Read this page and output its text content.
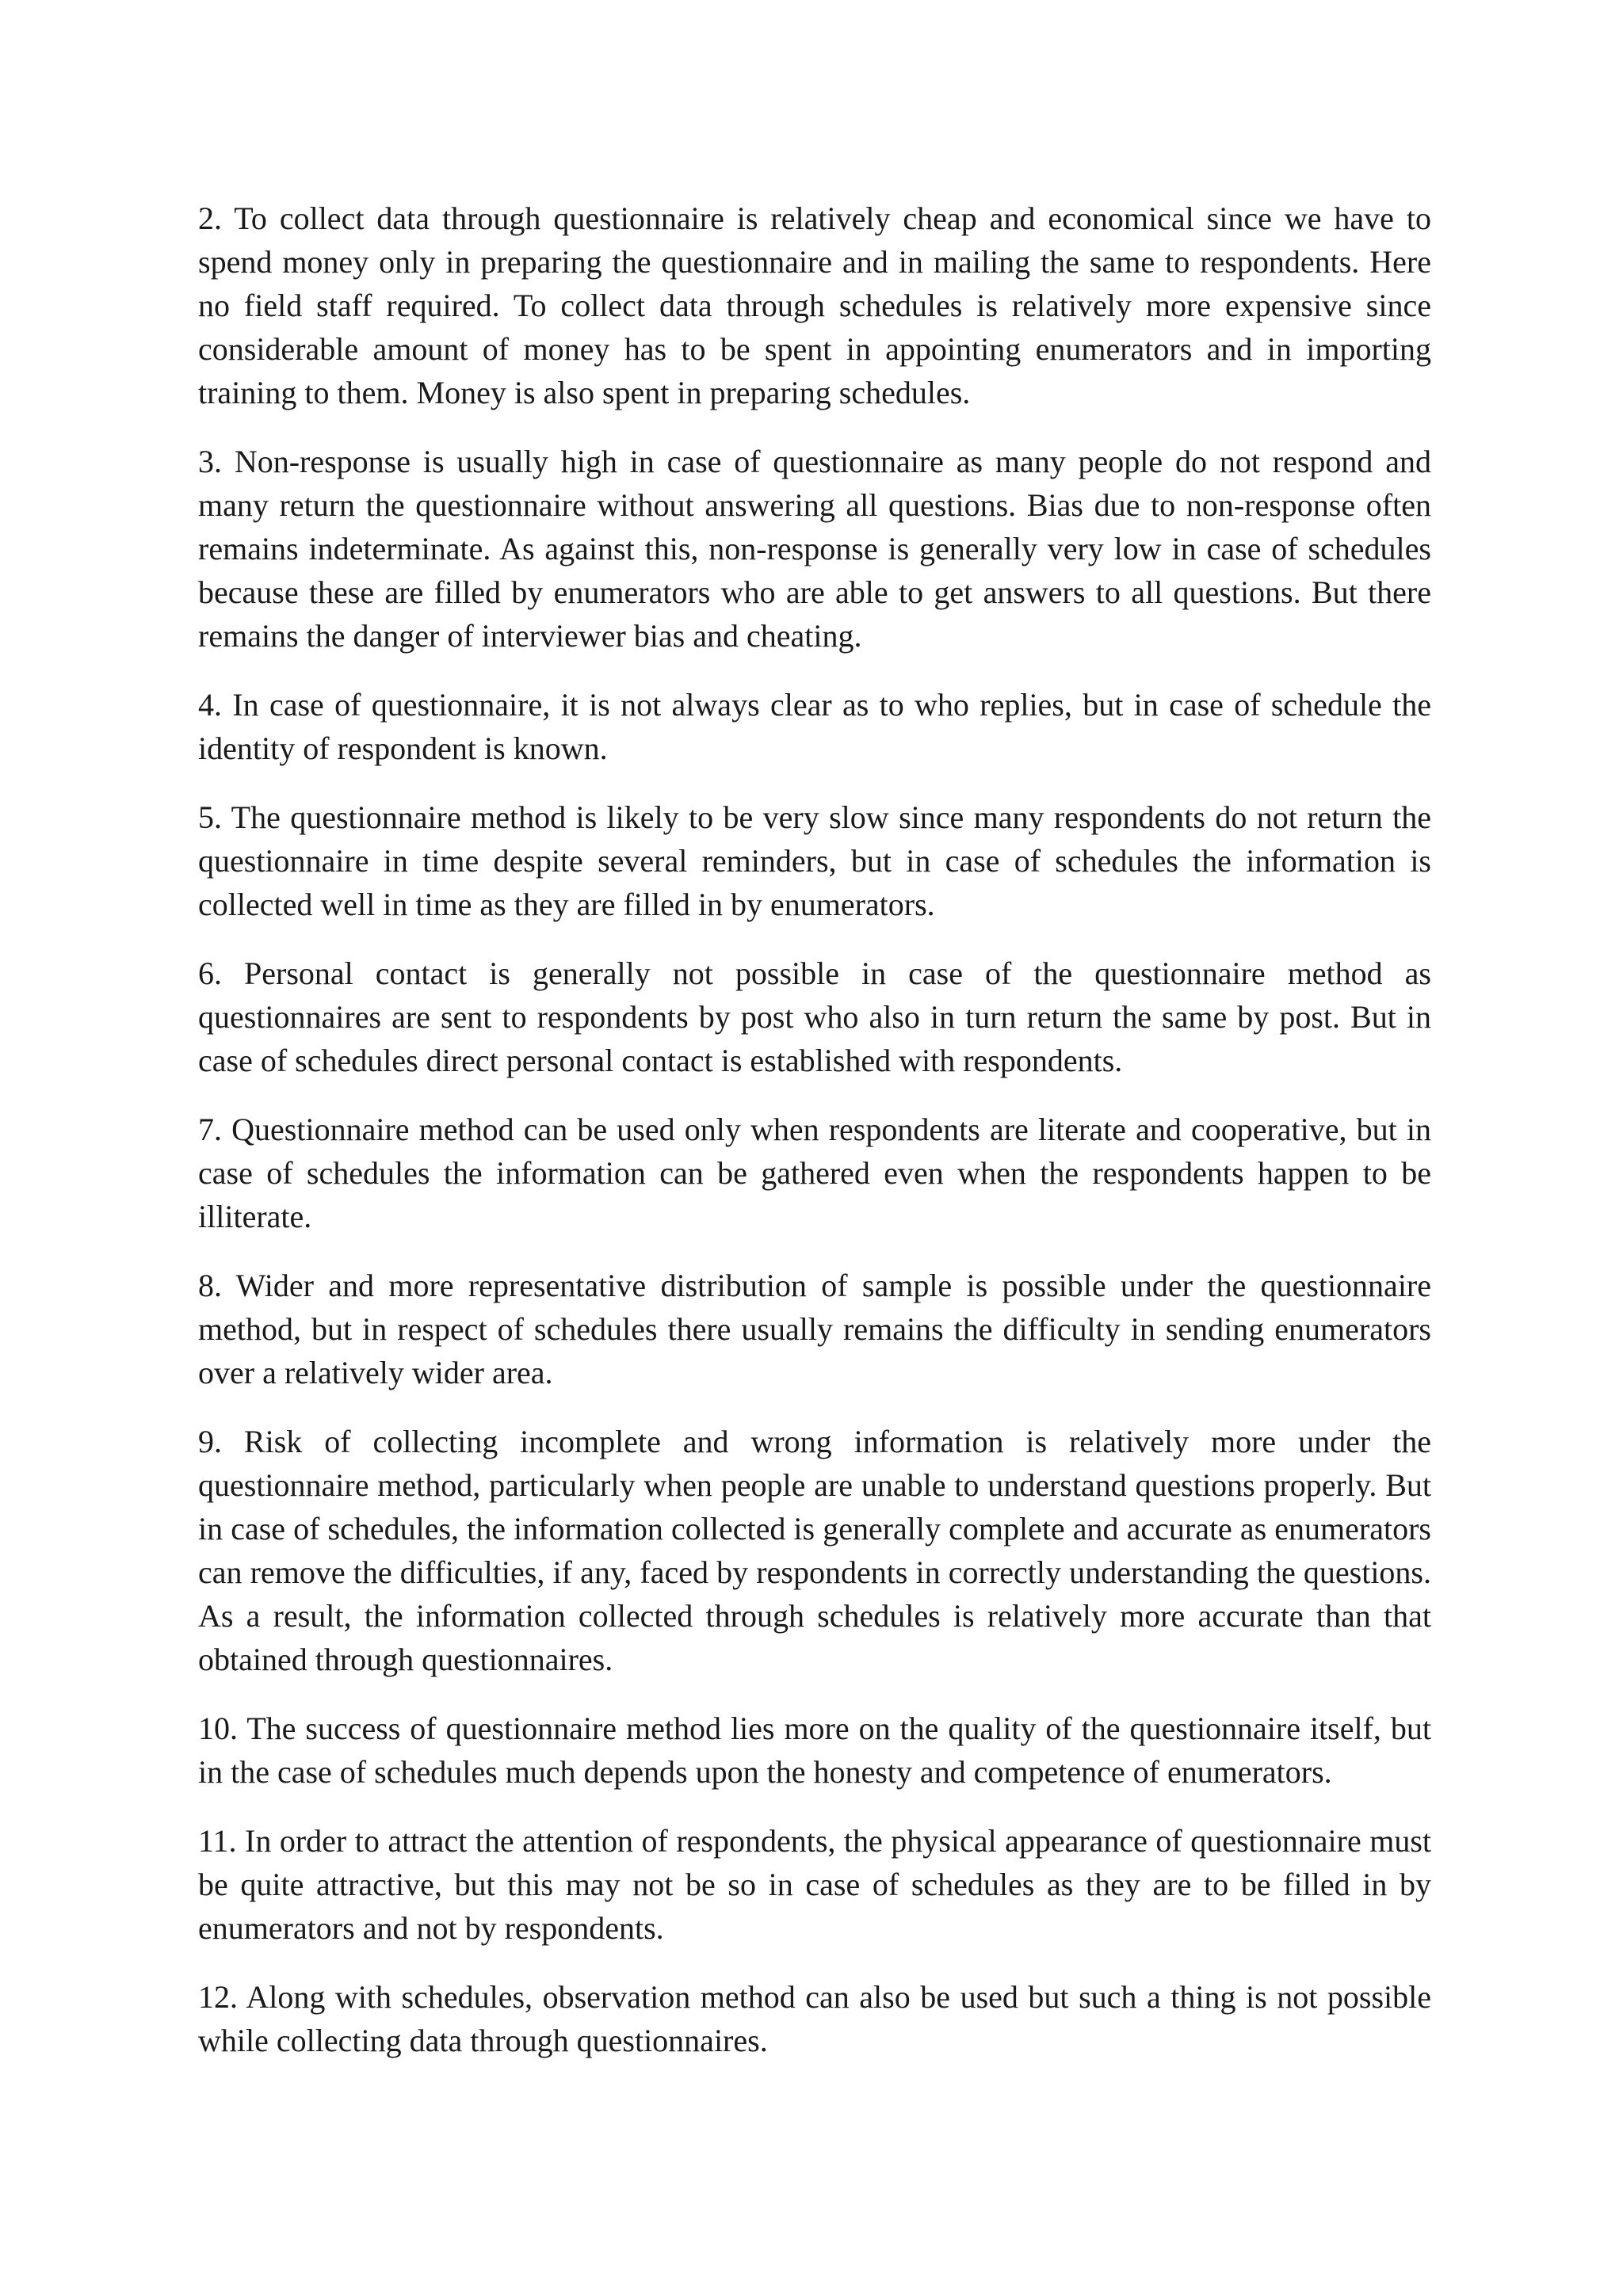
2. To collect data through questionnaire is relatively cheap and economical since we have to spend money only in preparing the questionnaire and in mailing the same to respondents. Here no field staff required. To collect data through schedules is relatively more expensive since considerable amount of money has to be spent in appointing enumerators and in importing training to them. Money is also spent in preparing schedules.

3. Non-response is usually high in case of questionnaire as many people do not respond and many return the questionnaire without answering all questions. Bias due to non-response often remains indeterminate. As against this, non-response is generally very low in case of schedules because these are filled by enumerators who are able to get answers to all questions. But there remains the danger of interviewer bias and cheating.

4. In case of questionnaire, it is not always clear as to who replies, but in case of schedule the identity of respondent is known.

5. The questionnaire method is likely to be very slow since many respondents do not return the questionnaire in time despite several reminders, but in case of schedules the information is collected well in time as they are filled in by enumerators.

6. Personal contact is generally not possible in case of the questionnaire method as questionnaires are sent to respondents by post who also in turn return the same by post. But in case of schedules direct personal contact is established with respondents.

7. Questionnaire method can be used only when respondents are literate and cooperative, but in case of schedules the information can be gathered even when the respondents happen to be illiterate.

8. Wider and more representative distribution of sample is possible under the questionnaire method, but in respect of schedules there usually remains the difficulty in sending enumerators over a relatively wider area.

9. Risk of collecting incomplete and wrong information is relatively more under the questionnaire method, particularly when people are unable to understand questions properly. But in case of schedules, the information collected is generally complete and accurate as enumerators can remove the difficulties, if any, faced by respondents in correctly understanding the questions. As a result, the information collected through schedules is relatively more accurate than that obtained through questionnaires.

10. The success of questionnaire method lies more on the quality of the questionnaire itself, but in the case of schedules much depends upon the honesty and competence of enumerators.

11. In order to attract the attention of respondents, the physical appearance of questionnaire must be quite attractive, but this may not be so in case of schedules as they are to be filled in by enumerators and not by respondents.

12. Along with schedules, observation method can also be used but such a thing is not possible while collecting data through questionnaires.
